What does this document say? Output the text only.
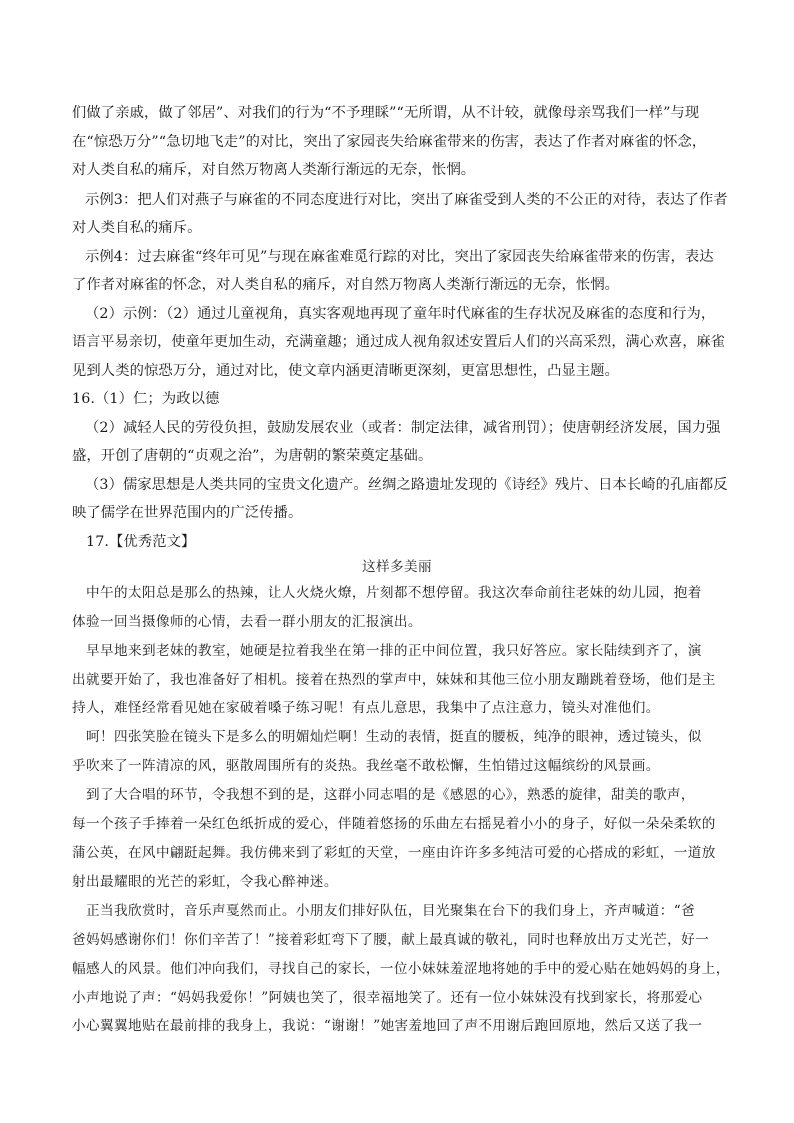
们做了亲戚，做了邻居”、对我们的行为“不予理睬”“无所谓，从不计较，就像母亲骂我们一样”与现
在“惊恐万分”“急切地飞走”的对比，突出了家园丧失给麻雀带来的伤害，表达了作者对麻雀的怀念，
对人类自私的痛斥，对自然万物离人类渐行渐远的无奈，怅惘。
示例3：把人们对燕子与麻雀的不同态度进行对比，突出了麻雀受到人类的不公正的对待，表达了作者
对人类自私的痛斥。
示例4：过去麻雀“终年可见”与现在麻雀难觅行踪的对比，突出了家园丧失给麻雀带来的伤害，表达
了作者对麻雀的怀念，对人类自私的痛斥，对自然万物离人类渐行渐远的无奈，怅惘。
（2）示例：（2）通过儿童视角，真实客观地再现了童年时代麻雀的生存状况及麻雀的态度和行为，
语言平易亲切，使童年更加生动，充满童趣；通过成人视角叙述安置后人们的兴高采烈，满心欢喜，麻雀
见到人类的惊恐万分，通过对比，使文章内涵更清晰更深刻，更富思想性，凸显主题。
16.（1）仁；为政以德
（2）减轻人民的劳役负担，鼓励发展农业（或者：制定法律，减省刑罚）；使唐朝经济发展，国力强
盛，开创了唐朝的“贞观之治”，为唐朝的繁荣奠定基础。
（3）儒家思想是人类共同的宝贵文化遗产。丝绸之路遗址发现的《诗经》残片、日本长崎的孔庙都反
映了儒学在世界范围内的广泛传播。
17.【优秀范文】
这样多美丽
中午的太阳总是那么的热辣，让人火烧火燎，片刻都不想停留。我这次奉命前往老妹的幼儿园，抱着
体验一回当摄像师的心情，去看一群小朋友的汇报演出。
早早地来到老妹的教室，她硬是拉着我坐在第一排的正中间位置，我只好答应。家长陆续到齐了，演
出就要开始了，我也准备好了相机。接着在热烈的掌声中，妹妹和其他三位小朋友蹦跳着登场，他们是主
持人，难怪经常看见她在家破着嗓子练习呢！有点儿意思，我集中了点注意力，镜头对准他们。
呵！四张笑脸在镜头下是多么的明媚灿烂啊！生动的表情，挺直的腰板，纯净的眼神，透过镜头，似
乎吹来了一阵清凉的风，驱散周围所有的炎热。我丝毫不敢松懈，生怕错过这幅缤纷的风景画。
到了大合唱的环节，令我想不到的是，这群小同志唱的是《感恩的心》，熟悉的旋律，甜美的歌声，
每一个孩子手捧着一朵红色纸折成的爱心，伴随着悠扬的乐曲左右摇晃着小小的身子，好似一朵朵柔软的
蒲公英，在风中翩跹起舞。我仿佛来到了彩虹的天堂，一座由许许多多纯洁可爱的心搭成的彩虹，一道放
射出最耀眼的光芒的彩虹，令我心醉神迷。
正当我欣赏时，音乐声戛然而止。小朋友们排好队伍，目光聚集在台下的我们身上，齐声喊道：“爸
爸妈妈感谢你们！你们辛苦了！”接着彩虹弯下了腰，献上最真诚的敬礼，同时也释放出万丈光芒，好一
幅感人的风景。他们冲向我们，寻找自己的家长，一位小妹妹羞涩地将她的手中的爱心贴在她妈妈的身上，
小声地说了声：“妈妈我爱你！”阿姨也笑了，很幸福地笑了。还有一位小妹妹没有找到家长，将那爱心
小心翼翼地贴在最前排的我身上，我说：“谢谢！”她害羞地回了声不用谢后跑回原地，然后又送了我一
